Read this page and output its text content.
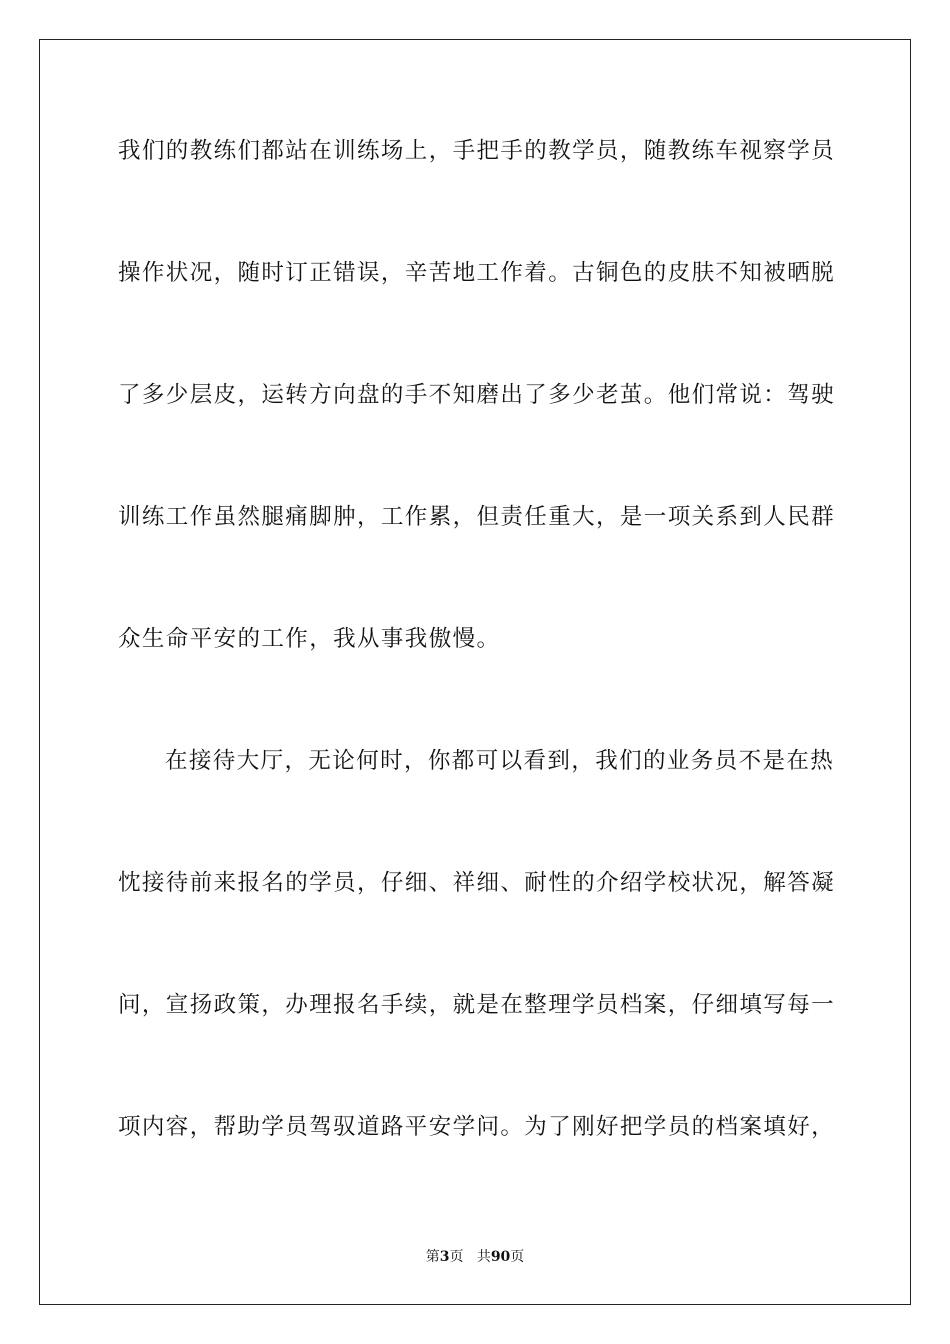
我们的教练们都站在训练场上，手把手的教学员，随教练车视察学员
操作状况，随时订正错误，辛苦地工作着。古铜色的皮肤不知被晒脱
了多少层皮，运转方向盘的手不知磨出了多少老茧。他们常说：驾驶
训练工作虽然腿痛脚肿，工作累，但责任重大，是一项关系到人民群
众生命平安的工作，我从事我傲慢。
在接待大厅，无论何时，你都可以看到，我们的业务员不是在热
忱接待前来报名的学员，仔细、祥细、耐性的介绍学校状况，解答凝
问，宣扬政策，办理报名手续，就是在整理学员档案，仔细填写每一
项内容，帮助学员驾驭道路平安学问。为了刚好把学员的档案填好，
第3页 共90页
